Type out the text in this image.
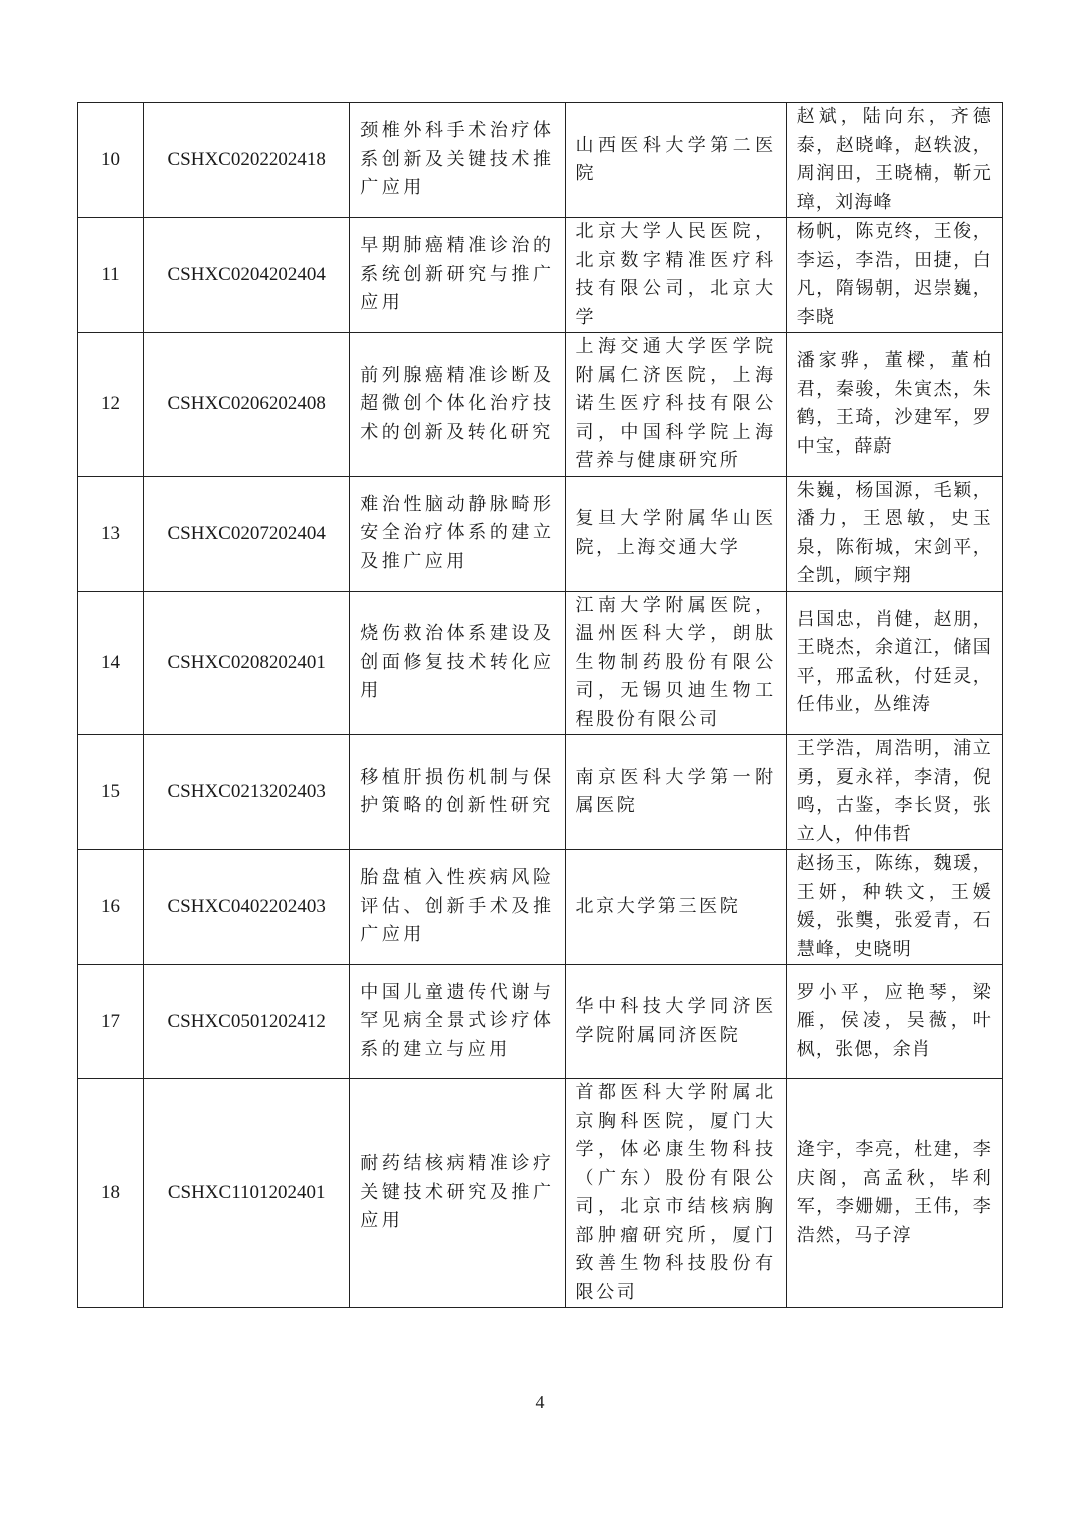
10	CSHXC0202202418	颈椎外科手术治疗体系创新及关键技术推广应用	山西医科大学第二医院	赵斌，陆向东，齐德泰，赵晓峰，赵轶波，周润田，王晓楠，靳元璋，刘海峰
11	CSHXC0204202404	早期肺癌精准诊治的系统创新研究与推广应用	北京大学人民医院，北京数字精准医疗科技有限公司，北京大学	杨帆，陈克终，王俊，李运，李浩，田捷，白凡，隋锡朝，迟崇巍，李晓
12	CSHXC0206202408	前列腺癌精准诊断及超微创个体化治疗技术的创新及转化研究	上海交通大学医学院附属仁济医院，上海诺生医疗科技有限公司，中国科学院上海营养与健康研究所	潘家骅，董樑，董柏君，秦骏，朱寅杰，朱鹤，王琦，沙建军，罗中宝，薛蔚
13	CSHXC0207202404	难治性脑动静脉畸形安全治疗体系的建立及推广应用	复旦大学附属华山医院，上海交通大学	朱巍，杨国源，毛颖，潘力，王恩敏，史玉泉，陈衔城，宋剑平，全凯，顾宇翔
14	CSHXC0208202401	烧伤救治体系建设及创面修复技术转化应用	江南大学附属医院，温州医科大学，朗肽生物制药股份有限公司，无锡贝迪生物工程股份有限公司	吕国忠，肖健，赵朋，王晓杰，余道江，储国平，邢孟秋，付廷灵，任伟业，丛维涛
15	CSHXC0213202403	移植肝损伤机制与保护策略的创新性研究	南京医科大学第一附属医院	王学浩，周浩明，浦立勇，夏永祥，李清，倪鸣，古鉴，李长贤，张立人，仲伟哲
16	CSHXC0402202403	胎盘植入性疾病风险评估、创新手术及推广应用	北京大学第三医院	赵扬玉，陈练，魏瑗，王妍，种轶文，王媛媛，张龑，张爱青，石慧峰，史晓明
17	CSHXC0501202412	中国儿童遗传代谢与罕见病全景式诊疗体系的建立与应用	华中科技大学同济医学院附属同济医院	罗小平，应艳琴，梁雁，侯凌，吴薇，叶枫，张偲，余肖
18	CSHXC1101202401	耐药结核病精准诊疗关键技术研究及推广应用	首都医科大学附属北京胸科医院，厦门大学，体必康生物科技（广东）股份有限公司，北京市结核病胸部肿瘤研究所，厦门致善生物科技股份有限公司	逄宇，李亮，杜建，李庆阁，高孟秋，毕利军，李姗姗，王伟，李浩然，马子淳
4
